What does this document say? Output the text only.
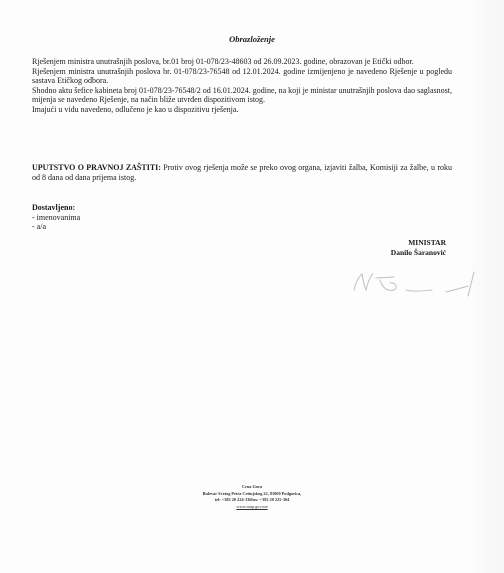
Obrazloženje

Rješenjem ministra unutrašnjih poslova, br.01 broj 01-078/23-48603 od 26.09.2023. godine, obrazovan je Etički odbor.

Rješenjem ministra unutrašnjih poslova br. 01-078/23-76548 od 12.01.2024. godine izmijenjeno je navedeno Rješenje u pogledu sastava Etičkog odbora.

Shodno aktu šefice kabineta broj 01-078/23-76548/2 od 16.01.2024. godine, na koji je ministar unutrašnjih poslova dao saglasnost, mijenja se navedeno Rješenje, na način bliže utvrđen dispozitivom istog.

Imajući u vidu navedeno, odlučeno je kao u dispozitivu rješenja.

UPUTSTVO O PRAVNOJ ZAŠTITI: Protiv ovog rješenja može se preko ovog organa, izjaviti žalba, Komisiji za žalbe, u roku od 8 dana od dana prijema istog.
Dostavljeno:
- imenovanima
- a/a
MINISTAR
Danilo Šaranović
Crna Gora
Bulevar Svetog Petra Cetinjskog 22, 81000 Podgorica,
tel: +382 20 224-336fax: +382 20 225-304
www.mup.gov.me
